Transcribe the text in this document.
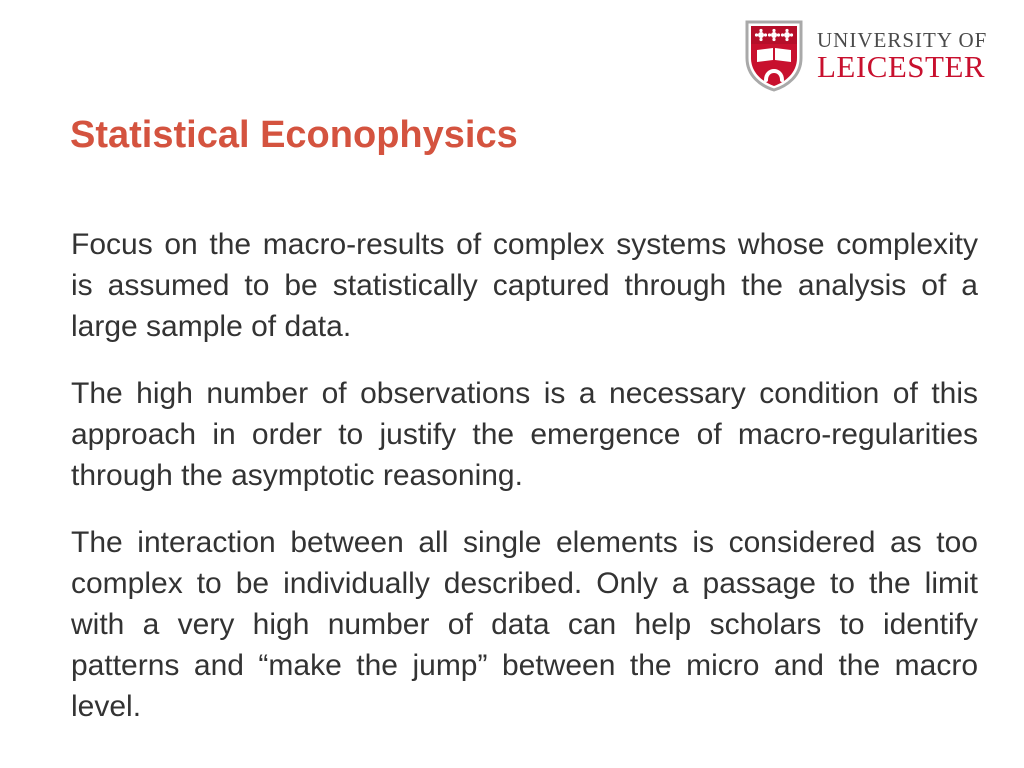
UNIVERSITY OF
LEICESTER
Statistical Econophysics

Focus on the macro-results of complex systems whose complexity is assumed to be statistically captured through the analysis of a large sample of data.

The high number of observations is a necessary condition of this approach in order to justify the emergence of macro-regularities through the asymptotic reasoning.

The interaction between all single elements is considered as too complex to be individually described. Only a passage to the limit with a very high number of data can help scholars to identify patterns and “make the jump” between the micro and the macro level.
